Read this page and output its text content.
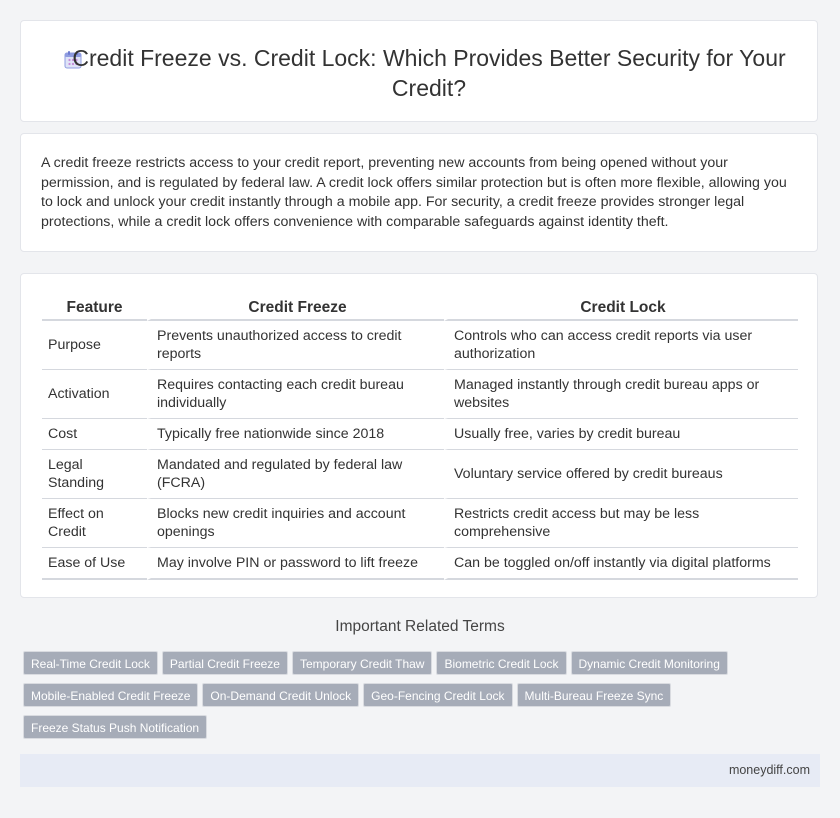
Credit Freeze vs. Credit Lock: Which Provides Better Security for Your Credit?

A credit freeze restricts access to your credit report, preventing new accounts from being opened without your permission, and is regulated by federal law. A credit lock offers similar protection but is often more flexible, allowing you to lock and unlock your credit instantly through a mobile app. For security, a credit freeze provides stronger legal protections, while a credit lock offers convenience with comparable safeguards against identity theft.

Feature	Credit Freeze	Credit Lock
Purpose	Prevents unauthorized access to credit reports	Controls who can access credit reports via user authorization
Activation	Requires contacting each credit bureau individually	Managed instantly through credit bureau apps or websites
Cost	Typically free nationwide since 2018	Usually free, varies by credit bureau
Legal Standing	Mandated and regulated by federal law (FCRA)	Voluntary service offered by credit bureaus
Effect on Credit	Blocks new credit inquiries and account openings	Restricts credit access but may be less comprehensive
Ease of Use	May involve PIN or password to lift freeze	Can be toggled on/off instantly via digital platforms
Important Related Terms
Real-Time Credit Lock Partial Credit Freeze Temporary Credit Thaw Biometric Credit Lock Dynamic Credit MonitoringMobile-Enabled Credit Freeze On-Demand Credit Unlock Geo-Fencing Credit Lock Multi-Bureau Freeze SyncFreeze Status Push Notification
moneydiff.com
